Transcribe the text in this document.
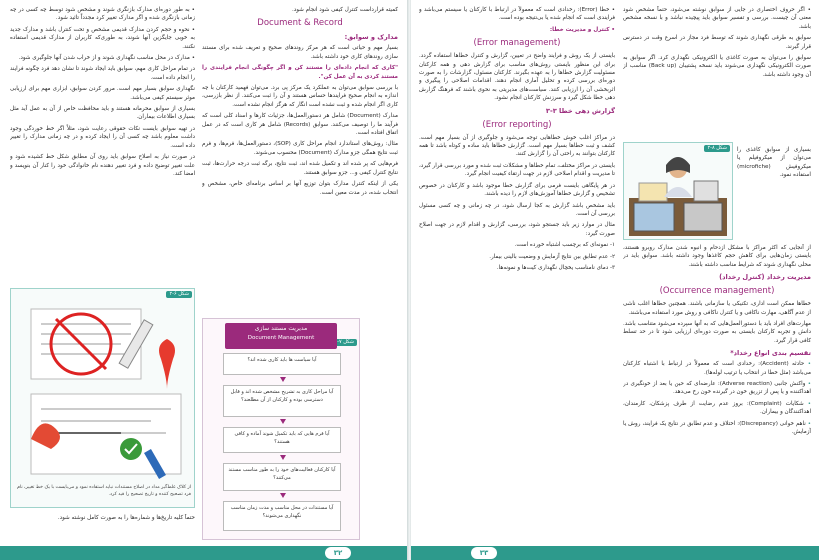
• به طور دوره‌ای مدارک بازنگری شوند و مشخص شود توسط چه کسی در چه زمانی بازنگری شده و اگر مدارک تغییر کرد مجدداً تائید شود.

• نحوه و حجم کردن مدارک قدیمی مشخص و تحت کنترل باشد و مدارک جدید به خوبی جایگزین آنها شوند، به طوری‌که کاربران از مدارک قدیمی استفاده نکنند.

• مدارک در محل مناسب نگهداری شوند و از خراب شدن آنها جلوگیری شود.

در تمام مراحل کاری مهم، سوابق باید ایجاد شوند تا نشان دهد فرد چگونه فرایند را انجام داده است.

نگهداری سوابق بسیار مهم است. مرور کردن سوابق، ابزاری مهم برای ارزیابی موثر سیستم کیفی می‌باشد.

بسیاری از سوابق محرمانه هستند و باید محافظت خاص از آن به عمل آید مثل بسیاری اطلاعات بیماران.

در تهیه سوابق بایست نکات حقوقی رعایت شود، مثلاً اگر خط خوردگی وجود داشت معلوم باشد چه کسی آن را ایجاد کرده و در چه زمانی مدارک را تغییر داده است.

در صورت نیاز به اصلاح سوابق باید روی آن مطابق شکل خط کشیده شود و علت تغییر توضیح داده و فرد تغییر دهنده نام خانوادگی خود را کنار آن بنویسد و امضا کند.

شکل ۶-۲
از کلاک غلط‌گیر مداد در اصلاح مستندات نباید استفاده نمود و می‌بایست با یک خط تغییر، نام فرد تصحیح کننده و تاریخ تصحیح را قید کرد.
حتماً کلیه تاریخ‌ها و شماره‌ها را به صورت کامل نوشته شود.

کمیته قرارداست کنترل کیفی شود انجام شود.

Document & Record
مدارک و سوابق:

بسیار مهم و حیاتی است که هر مرکز روندهای صحیح و تعریف شده برای مستند سازی روندهای کاری خود داشته باشد.

"کاری که انجام داده‌ای را مستند کن و اگر چگونگی انجام فرایندی را مستند کردی به آن عمل کن".

با بررسی سوابق می‌توان به عملکرد یک مرکز پی برد. می‌توان فهمید کارکنان با چه اندازه به انجام صحیح فرایندها حساس هستند و آن را ثبت می‌کنند. از نظر بازرسی، کاری اگر انجام شده و ثبت نشده است انگار که هرگز انجام نشده است.

مدارک (Document) شامل هر دستورالعمل‌ها، جزئیات کارها و اسناد کلی است که فرآیند ما را توصیف می‌کنند. سوابق (Records) شامل هر کاری است که در عمل اتفاق افتاده است.

مثال: روش‌های استاندارد انجام مراحل کاری (SOP)، دستورالعمل‌ها، فرم‌ها، و فرم ثبت نتایج همگی جزو مدارک (Document) محسوب می‌شوند.

فرم‌هایی که پر شده اند و تکمیل شده اند، ثبت نتایج، برگه ثبت درجه حرارت‌ها، ثبت نتایج کنترل کیفی و... جزو سوابق هستند.

یکی از اینکه کنترل مدارک بتوان توزیع آنها بر اساس برنامه‌ای خاص، مشخص و انتخاب شده، در مدت معین است.

شکل ۷-
مدیریت مستند سازی
Document Management
آیا سیاست ها باید کاری شده اند؟
آیا مراحل کاری به تشریح مشخص شده اند و قابل دسترسی بوده و کارکنان از آن مطلعند؟
آیا فرم هایی که باید تکمیل شوند آماده و کافی هستند؟
آیا کارکنان فعالیت‌های خود را به طور مناسب مستند می‌کنند؟
آیا مستندات در محل مناسب و مدت زمان مناسب نگهداری می‌شوند؟
۳۲

• خطا (Error): رخدادی است که معمولاً در ارتباط با کارکنان یا سیستم می‌باشد و فرایندی است که انجام شده یا بی‌نتیجه بوده است.

• کنترل و مدیریت خطا:

(Error management)

بایستی از یک روش و فرایند واضح در تعیین، گزارش و کنترل خطاها استفاده گردد. برای این منظور بایستی روش‌های مناسب برای گزارش دهی و همه کارکنان مسئولیت گزارش خطاها را به عهده بگیرند. کارکنان مسئول، گزارشات را به صورت دوره‌ای بررسی کرده و تحلیل آماری انجام دهند. اقدامات اصلاحی را پیگیری و اثربخشی آن را ارزیابی کنند. سیاست‌های مدیریتی به نحوی باشند که فرهنگ گزارش دهی خطا شکل گیرد و سرزنش کارکنان انجام نشود.

گزارش دهی خطا ۳-۳
(Error reporting)

در مراکز اغلب خوش خطاهایی توجه می‌شود و جلوگیری از آن بسیار مهم است. کشف و ثبت خطاها بسیار مهم است. گزارش خطاها باید ساده و کوتاه باشد تا همه کارکنان بتوانند به راحتی آن را گزارش کنند.

بایستی در مراکز مختلف، تمام خطاها و مشکلات ثبت شده و مورد بررسی قرار گیرد، تا مدیریت و اقدام اصلاحی لازم در جهت ارتقاء کیفیت انجام گیرد.

در هر پایگاهی بایست فرمی برای گزارش خطا موجود باشد و کارکنان در خصوص تشخیص و گزارش خطاها آموزش‌های لازم را دیده باشند.

باید مشخص باشد گزارش به کجا ارسال شود، در چه زمانی و چه کسی مسئول بررسی آن است.

مثال در موارد زیر باید جستجو شود، بررسی، گزارش و اقدام لازم در جهت اصلاح صورت گیرد:

۱- نمونه‌ای که برچسب اشتباه خورده است.

۲- عدم تطابق بین نتایج آزمایش و وضعیت بالینی بیمار.

۳- دمای نامناسب یخچال نگهداری کیت‌ها و نمونه‌ها.

• اگر حروف اختصاری در جایی از سوابق نوشته می‌شود، حتماً مشخص شود معنی آن چیست. بررسی و تفسیر سوابق باید پیچیده نباشد و با نسخه مشخص باشد.

سوابق به طرقی نگهداری شوند که توسط فرد مجاز در اسرع وقت در دسترس قرار گیرند.

سوابق را می‌توان به صورت کاغذی یا الکترونیکی نگهداری کرد. اگر سوابق به صورت الکترونیکی نگهداری می‌شوند باید نسخه پشتیبان (Back up) مناسب از آن وجود داشته باشد.

شکل ۸-۲	بسیاری از سوابق کاغذی را می‌توان از میکروفیلم یا میکروفیش (microfiche) استفاده نمود.

از آنجایی که اکثر مراکز با مشکل ازدحام و انبوه شدن مدارک روبرو هستند، بایستی زمان‌هایی برای کاهش حجم کاغذها وجود داشته باشد. سوابق باید در محلی نگهداری شوند که شرایط مناسب داشته باشند.

مدیریت رخداد (کنترل رخداد)
(Occurrence management)

خطاها ممکن است اداری، تکنیکی یا سازمانی باشند. همچنین خطاها اغلب ناشی از عدم آگاهی، مهارت ناکافی و یا کنترل ناکافی و روش مورد استفاده می‌باشند.

مهارت‌های افراد باید با دستورالعمل‌هایی که به آنها سپرده می‌شود متناسب باشد. دانش و تجربه کارکنان بایستی به صورت دوره‌ای ارزیابی شود تا در حد تسلط کافی قرار گیرد.

تقسیم بندی انواع رخداد*

• حادثه (Accident): رخدادی است که معمولاً در ارتباط با اشتباه کارکنان می‌باشد (مثل خطا در انتخاب یا ترتیب لوله‌ها).

• واکنش جانبی (Adverse reaction): عارضه‌ای که حین یا بعد از خونگیری در اهداکننده و یا پس از تزریق خون در گیرنده خون رخ می‌دهد.

• شکایات (Complaint): بروز عدم رضایت از طرف پزشکان، کارمندان، اهداکنندگان و بیماران.

• ناهم خوانی (Discrepancy): اختلاف و عدم تطابق در نتایج یک فرایند، روش یا آزمایش.

۳۳
